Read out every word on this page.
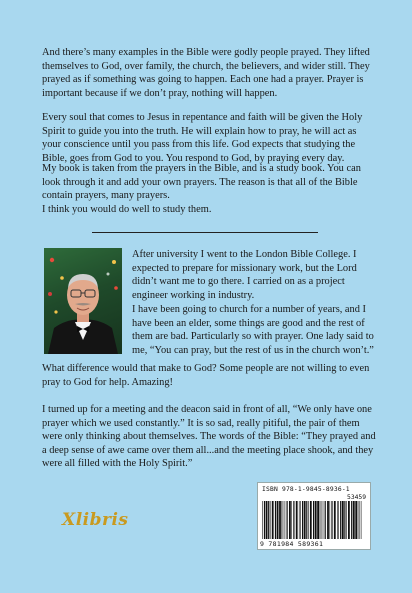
And there’s many examples in the Bible were godly people prayed. They lifted themselves to God, over family, the church, the believers, and wider still. They prayed as if something was going to happen. Each one had a prayer. Prayer is important because if we don’t pray, nothing will happen.

Every soul that comes to Jesus in repentance and faith will be given the Holy Spirit to guide you into the truth. He will explain how to pray, he will act as your conscience until you pass from this life. God expects that studying the Bible, goes from God to you. You respond to God, by praying every day.

My book is taken from the prayers in the Bible, and is a study book. You can look through it and add your own prayers. The reason is that all of the Bible contain prayers, many prayers.

I think you would do well to study them.

After university I went to the London Bible College. I expected to prepare for missionary work, but the Lord didn’t want me to go there. I carried on as a project engineer working in industry.

I have been going to church for a number of years, and I have been an elder, some things are good and the rest of them are bad. Particularly so with prayer. One lady said to me, “You can pray, but the rest of us in the church won’t.”

What difference would that make to God? Some people are not willing to even pray to God for help. Amazing!

I turned up for a meeting and the deacon said in front of all, “We only have one prayer which we used constantly.” It is so sad, really pitiful, the pair of them were only thinking about themselves. The words of the Bible: “They prayed and a deep sense of awe came over them all...and the meeting place shook, and they were all filled with the Holy Spirit.”

Xlibris
ISBN 978-1-9845-8936-1
53459
9 781984 589361
